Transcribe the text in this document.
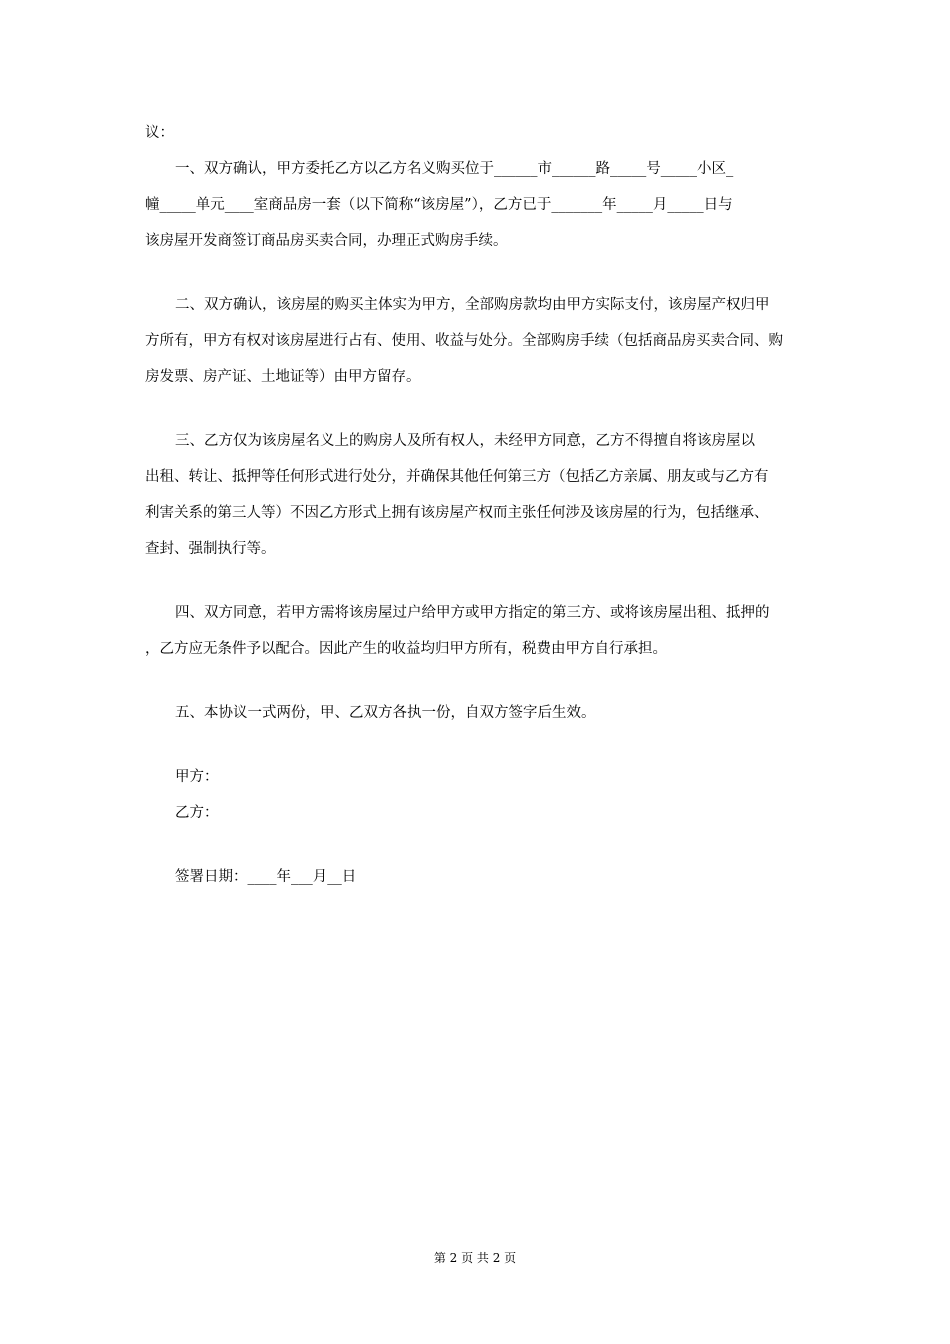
议：
一、双方确认，甲方委托乙方以乙方名义购买位于______市______路_____号_____小区_
幢_____单元____室商品房一套（以下简称“该房屋”），乙方已于_______年_____月_____日与
该房屋开发商签订商品房买卖合同，办理正式购房手续。
二、双方确认，该房屋的购买主体实为甲方，全部购房款均由甲方实际支付，该房屋产权归甲
方所有，甲方有权对该房屋进行占有、使用、收益与处分。全部购房手续（包括商品房买卖合同、购
房发票、房产证、土地证等）由甲方留存。
三、乙方仅为该房屋名义上的购房人及所有权人，未经甲方同意，乙方不得擅自将该房屋以
出租、转让、抵押等任何形式进行处分，并确保其他任何第三方（包括乙方亲属、朋友或与乙方有
利害关系的第三人等）不因乙方形式上拥有该房屋产权而主张任何涉及该房屋的行为，包括继承、
查封、强制执行等。
四、双方同意，若甲方需将该房屋过户给甲方或甲方指定的第三方、或将该房屋出租、抵押的
，乙方应无条件予以配合。因此产生的收益均归甲方所有，税费由甲方自行承担。
五、本协议一式两份，甲、乙双方各执一份，自双方签字后生效。
甲方：
乙方：
签署日期：____年___月__日
第 2 页 共 2 页
